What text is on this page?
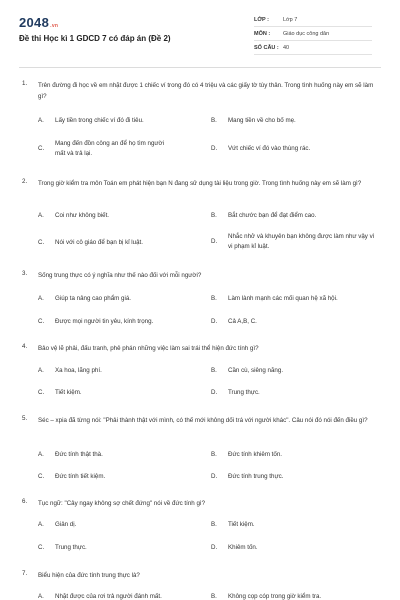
2048.vn
Đề thi Học kì 1 GDCD 7 có đáp án (Đề 2)
LỚP :	Lớp 7
MÔN :	Giáo dục công dân
SỐ CÂU : 40
1. Trên đường đi học về em nhặt được 1 chiếc ví trong đó có 4 triệu và các giấy tờ tùy thân. Trong tình huống này em sẽ làm gì?
A.	Lấy tiền trong chiếc ví đó đi tiêu.	B.	Mang tiền về cho bố mẹ.
C.
Mang đến đồn công an để họ tìm người mất và trả lại.
D.	Vứt chiếc ví đó vào thùng rác.
2. Trong giờ kiểm tra môn Toán em phát hiện bạn N đang sử dụng tài liệu trong giờ. Trong tình huống này em sẽ làm gì?
A.	Coi như không biết.	B.	Bắt chước bạn để đạt điểm cao.
C.	Nói với cô giáo để bạn bị kỉ luật.	D.
Nhắc nhở và khuyên bạn không được làm như vậy vì vi phạm kỉ luật.
3. Sống trung thực có ý nghĩa như thế nào đối với mỗi người?
A.	Giúp ta nâng cao phẩm giá.	B.	Làm lành mạnh các mối quan hệ xã hội.
C.	Được mọi người tin yêu, kính trọng.	D.	Cả A,B, C.
4. Bảo vệ lẽ phải, đấu tranh, phê phán những việc làm sai trái thể hiện đức tính gì?
A.	Xa hoa, lãng phí.	B.	Cần cù, siêng năng.
C.	Tiết kiệm.	D.	Trung thực.
5. Séc – xpia đã từng nói: "Phải thành thật với mình, có thế mới không dối trá với người khác". Câu nói đó nói đến điều gì?
A.	Đức tính thật thà.	B.	Đức tính khiêm tốn.
C.	Đức tính tiết kiệm.	D.	Đức tính trung thực.
6. Tục ngữ: "Cây ngay không sợ chết đứng" nói về đức tính gì?
A.	Giản dị.	B.	Tiết kiệm.
C.	Trung thực.	D.	Khiêm tốn.
7. Biểu hiện của đức tính trung thực là?
A.	Nhặt được của rơi trả người đánh mất.	B.	Không cọp cóp trong giờ kiểm tra.
